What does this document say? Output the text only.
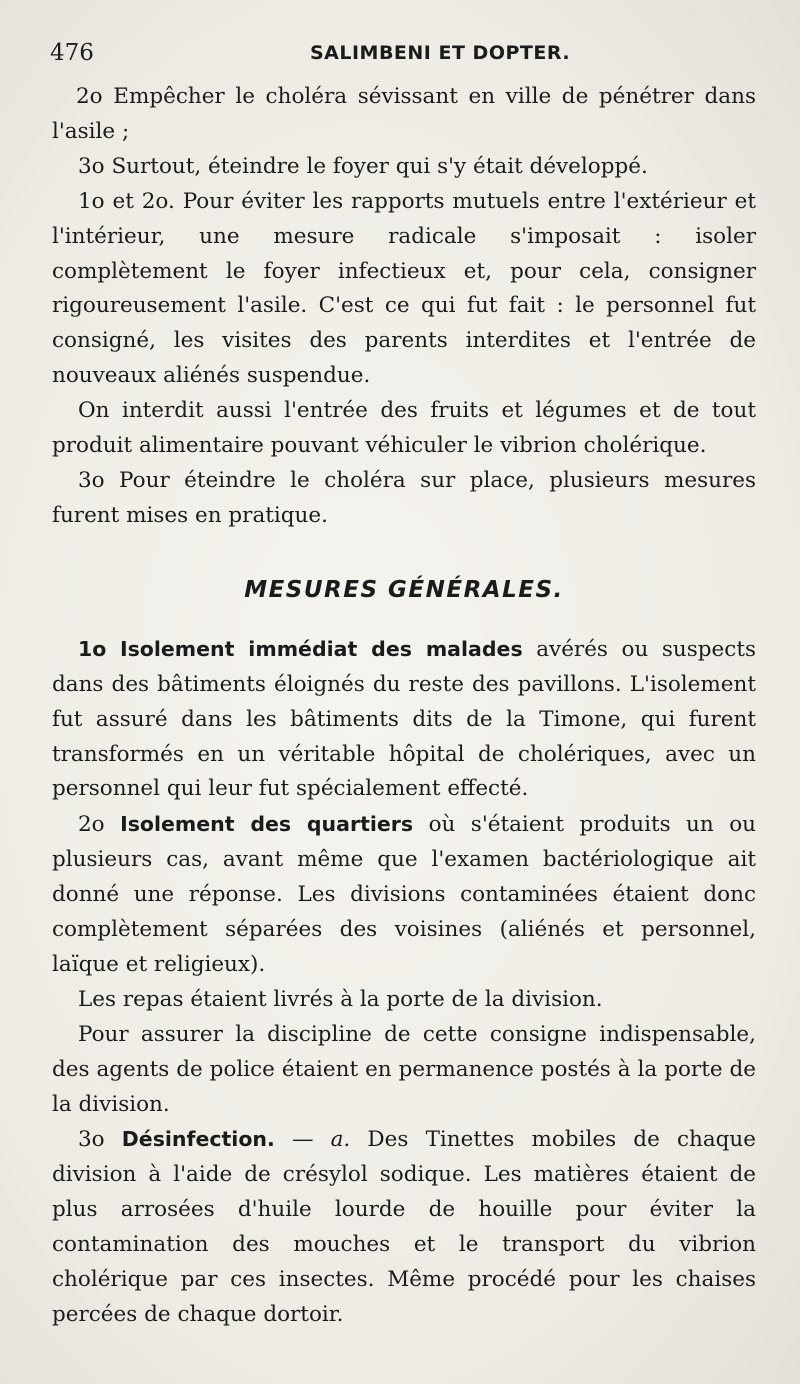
476	SALIMBENI ET DOPTER.

2o Empêcher le choléra sévissant en ville de pénétrer dans l'asile ;

3o Surtout, éteindre le foyer qui s'y était développé.

1o et 2o. Pour éviter les rapports mutuels entre l'extérieur et l'intérieur, une mesure radicale s'imposait : isoler complètement le foyer infectieux et, pour cela, consigner rigoureusement l'asile. C'est ce qui fut fait : le personnel fut consigné, les visites des parents interdites et l'entrée de nouveaux aliénés suspendue.

On interdit aussi l'entrée des fruits et légumes et de tout produit alimentaire pouvant véhiculer le vibrion cholérique.

3o Pour éteindre le choléra sur place, plusieurs mesures furent mises en pratique.

MESURES GÉNÉRALES.

1o Isolement immédiat des malades avérés ou suspects dans des bâtiments éloignés du reste des pavillons. L'isolement fut assuré dans les bâtiments dits de la Timone, qui furent transformés en un véritable hôpital de cholériques, avec un personnel qui leur fut spécialement effecté.

2o Isolement des quartiers où s'étaient produits un ou plusieurs cas, avant même que l'examen bactériologique ait donné une réponse. Les divisions contaminées étaient donc complètement séparées des voisines (aliénés et personnel, laïque et religieux).

Les repas étaient livrés à la porte de la division.

Pour assurer la discipline de cette consigne indispensable, des agents de police étaient en permanence postés à la porte de la division.

3o Désinfection. — a. Des Tinettes mobiles de chaque division à l'aide de crésylol sodique. Les matières étaient de plus arrosées d'huile lourde de houille pour éviter la contamination des mouches et le transport du vibrion cholérique par ces insectes. Même procédé pour les chaises percées de chaque dortoir.
